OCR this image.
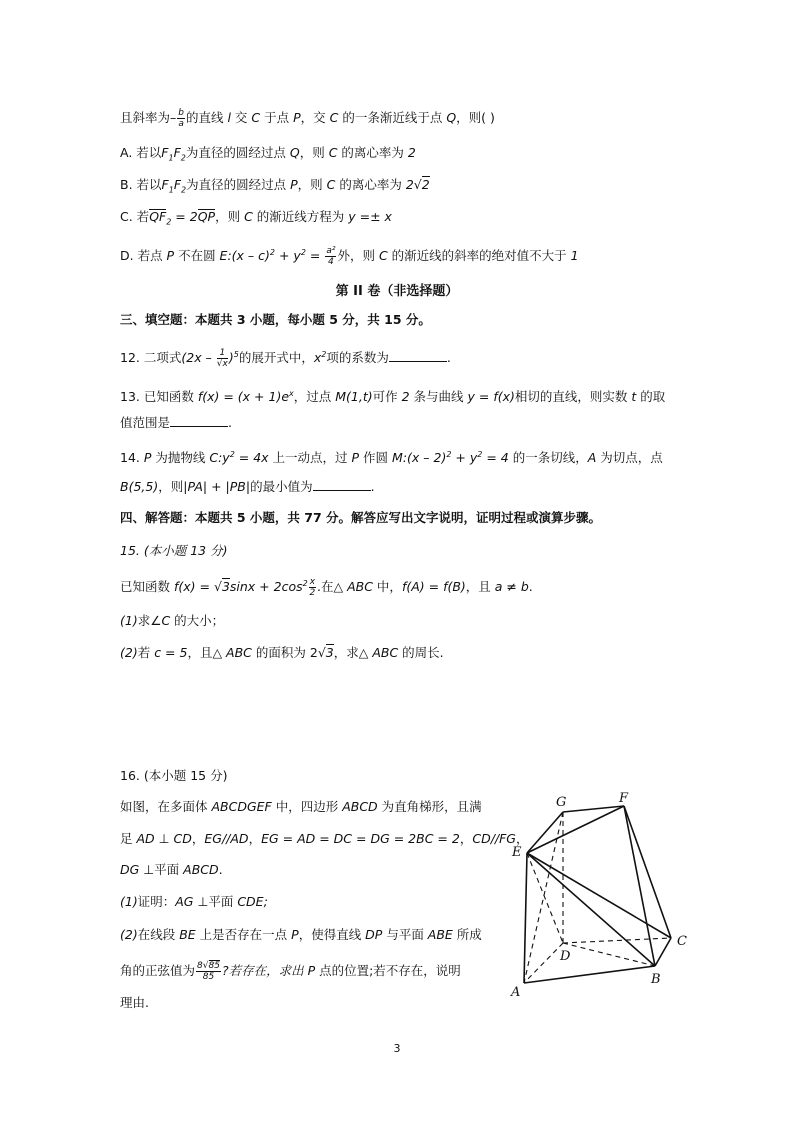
且斜率为– $\frac{b}{a}$ 的直线 l 交 C 于点 P，交 C 的一条渐近线于点 Q，则( )
A. 若以$F_1F_2$为直径的圆经过点 Q，则 C 的离心率为 2
B. 若以$F_1F_2$为直径的圆经过点 P，则 C 的离心率为 2√2
C. 若$QF_2 = 2QP$，则 C 的渐近线方程为 y =± x
D. 若点 P 不在圆 E:(x – $c)^2 + y^2 = \frac{\text{a²}}{4}$ 外，则 C 的渐近线的斜率的绝对值不大于 1
第 II 卷（非选择题）
三、填空题：本题共 3 小题，每小题 5 分，共 15 分。
12. 二项式$(2x - \frac{1}{√x} )^5$的展开式中，$x^2$项的系数为	.
13. 已知函数 $f(x) = (x + 1)e^x$，过点 M(1,t)可作 2 条与曲线 y = f(x)相切的直线，则实数 t 的取
值范围是	.
14. P 为抛物线 $C:y^2 = 4x$ 上一动点，过 P 作圆 M:(x – $2)^2 + y^2 = 4$ 的一条切线，A 为切点，点
B(5,5)，则|PA| + |PB|的最小值为	.
四、解答题：本题共 5 小题，共 77 分。解答应写出文字说明，证明过程或演算步骤。
15. (本小题 13 分)
已知函数 $f(x) = √3\sin x + 2\cos^2 \frac{x}{2}$ .在△ ABC 中，f(A) = f(B)，且 a ≠ b.
(1)求∠C 的大小；
(2)若 c = 5，且△ ABC 的面积为 2√3，求△ ABC 的周长.
16. (本小题 15 分)
如图，在多面体 ABCDGEF 中，四边形 ABCD 为直角梯形，且满
足 AD ⊥ CD，EG//AD，EG = AD = DC = DG = 2BC = 2，CD//FG，
DG ⊥平面 ABCD.
(1)证明：AG ⊥平面 CDE;
(2)在线段 BE 上是否存在一点 P，使得直线 DP 与平面 ABE 所成
角的正弦值为 $\frac{8√85}{85}$ ?若存在，求出 P 点的位置;若不存在，说明
理由.
G	F
E
D
C
B
A
3
